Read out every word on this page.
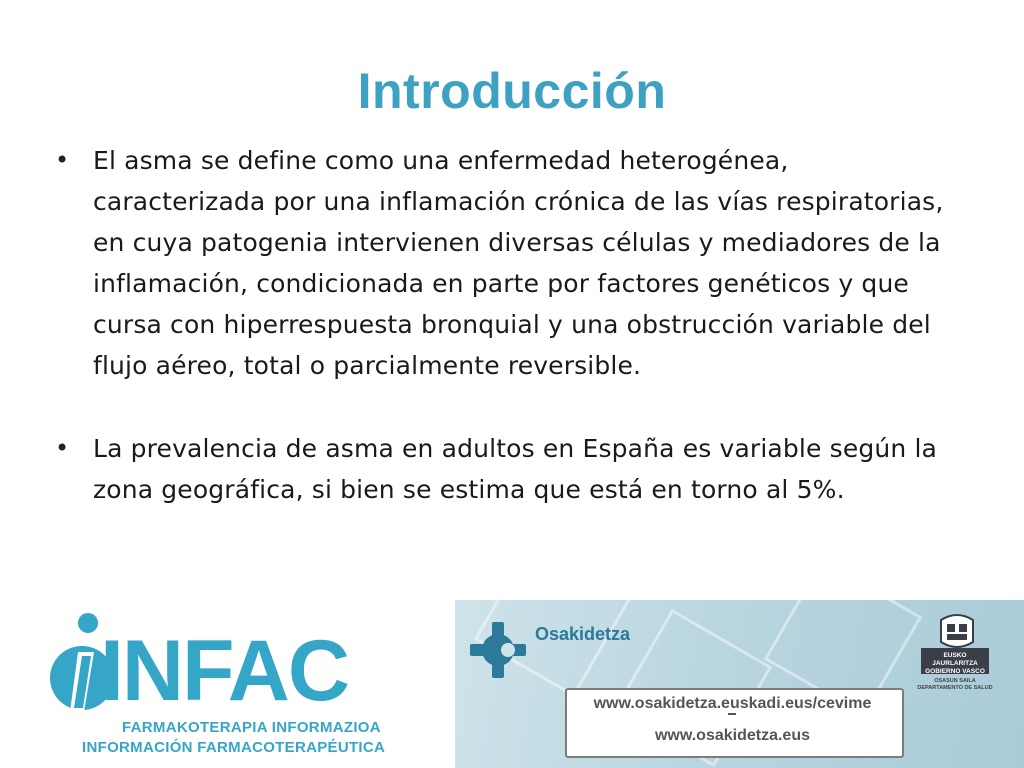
Introducción
• El asma se define como una enfermedad heterogénea, caracterizada por una inflamación crónica de las vías respiratorias, en cuya patogenia intervienen diversas células y mediadores de la inflamación, condicionada en parte por factores genéticos y que cursa con hiperrespuesta bronquial y una obstrucción variable del flujo aéreo, total o parcialmente reversible.
• La prevalencia de asma en adultos en España es variable según la zona geográfica, si bien se estima que está en torno al 5%.
INFAC
FARMAKOTERAPIA INFORMAZIOA
INFORMACIÓN FARMACOTERAPÉUTICA
Osakidetza
www.osakidetza.euskadi.eus/cevime
www.osakidetza.eus
EUSKO JAURLARITZA
GOBIERNO VASCO
OSASUN SAILA
DEPARTAMENTO DE SALUD
